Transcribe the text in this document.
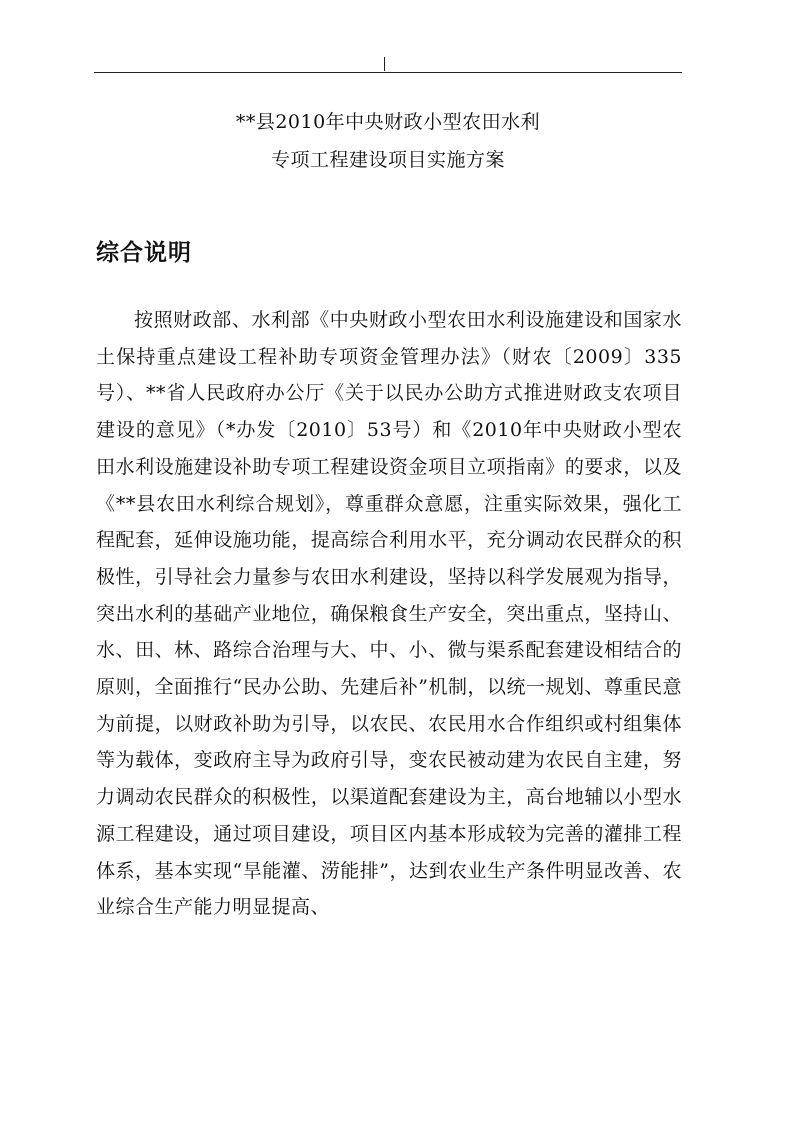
**县2010年中央财政小型农田水利
专项工程建设项目实施方案
综合说明

按照财政部、水利部《中央财政小型农田水利设施建设和国家水土保持重点建设工程补助专项资金管理办法》（财农〔2009〕335号）、**省人民政府办公厅《关于以民办公助方式推进财政支农项目建设的意见》（*办发〔2010〕53号）和《2010年中央财政小型农田水利设施建设补助专项工程建设资金项目立项指南》的要求，以及《**县农田水利综合规划》，尊重群众意愿，注重实际效果，强化工程配套，延伸设施功能，提高综合利用水平，充分调动农民群众的积极性，引导社会力量参与农田水利建设，坚持以科学发展观为指导，突出水利的基础产业地位，确保粮食生产安全，突出重点，坚持山、水、田、林、路综合治理与大、中、小、微与渠系配套建设相结合的原则，全面推行“民办公助、先建后补”机制，以统一规划、尊重民意为前提，以财政补助为引导，以农民、农民用水合作组织或村组集体等为载体，变政府主导为政府引导，变农民被动建为农民自主建，努力调动农民群众的积极性，以渠道配套建设为主，高台地辅以小型水源工程建设，通过项目建设，项目区内基本形成较为完善的灌排工程体系，基本实现“旱能灌、涝能排”，达到农业生产条件明显改善、农业综合生产能力明显提高、
